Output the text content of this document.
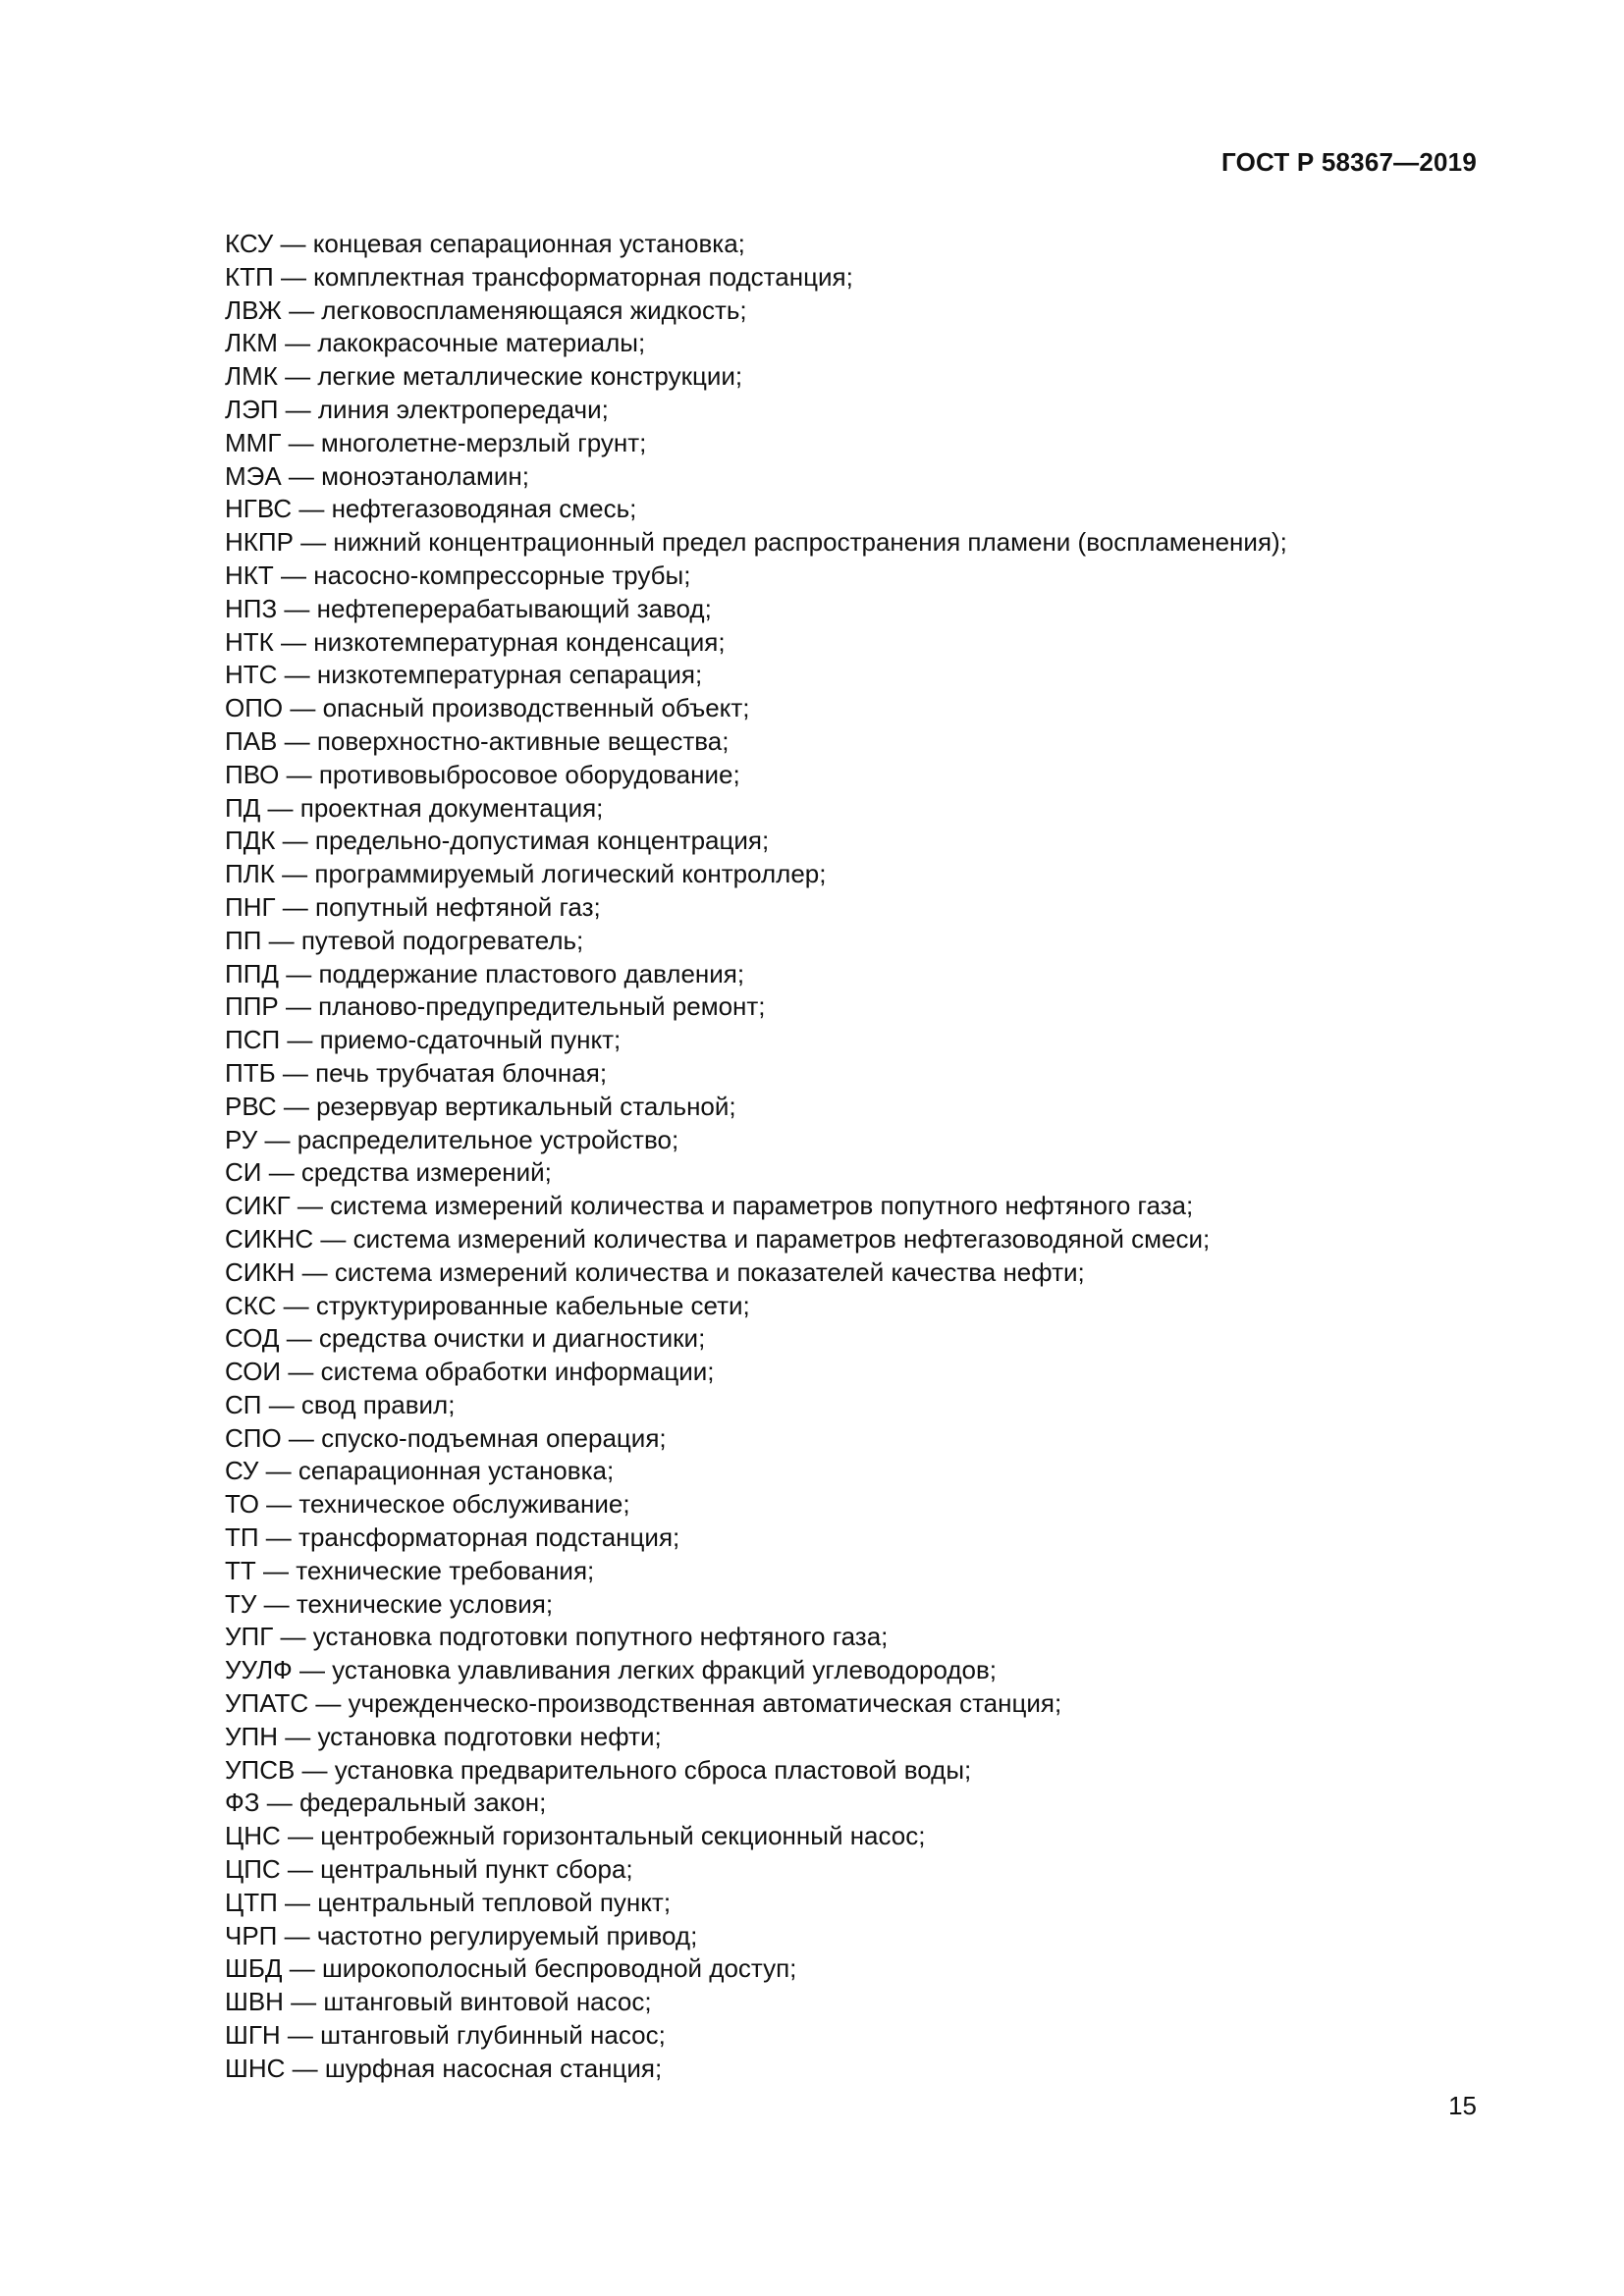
ГОСТ Р 58367—2019
КСУ — концевая сепарационная установка;
КТП — комплектная трансформаторная подстанция;
ЛВЖ — легковоспламеняющаяся жидкость;
ЛКМ — лакокрасочные материалы;
ЛМК — легкие металлические конструкции;
ЛЭП — линия электропередачи;
ММГ — многолетне-мерзлый грунт;
МЭА — моноэтаноламин;
НГВС — нефтегазоводяная смесь;
НКПР — нижний концентрационный предел распространения пламени (воспламенения);
НКТ — насосно-компрессорные трубы;
НПЗ — нефтеперерабатывающий завод;
НТК — низкотемпературная конденсация;
НТС — низкотемпературная сепарация;
ОПО — опасный производственный объект;
ПАВ — поверхностно-активные вещества;
ПВО — противовыбросовое оборудование;
ПД — проектная документация;
ПДК — предельно-допустимая концентрация;
ПЛК — программируемый логический контроллер;
ПНГ — попутный нефтяной газ;
ПП — путевой подогреватель;
ППД — поддержание пластового давления;
ППР — планово-предупредительный ремонт;
ПСП — приемо-сдаточный пункт;
ПТБ — печь трубчатая блочная;
РВС — резервуар вертикальный стальной;
РУ — распределительное устройство;
СИ — средства измерений;
СИКГ — система измерений количества и параметров попутного нефтяного газа;
СИКНС — система измерений количества и параметров нефтегазоводяной смеси;
СИКН — система измерений количества и показателей качества нефти;
СКС — структурированные кабельные сети;
СОД — средства очистки и диагностики;
СОИ — система обработки информации;
СП — свод правил;
СПО — спуско-подъемная операция;
СУ — сепарационная установка;
ТО — техническое обслуживание;
ТП — трансформаторная подстанция;
ТТ — технические требования;
ТУ — технические условия;
УПГ — установка подготовки попутного нефтяного газа;
УУЛФ — установка улавливания легких фракций углеводородов;
УПАТС — учрежденческо-производственная автоматическая станция;
УПН — установка подготовки нефти;
УПСВ — установка предварительного сброса пластовой воды;
ФЗ — федеральный закон;
ЦНС — центробежный горизонтальный секционный насос;
ЦПС — центральный пункт сбора;
ЦТП — центральный тепловой пункт;
ЧРП — частотно регулируемый привод;
ШБД — широкополосный беспроводной доступ;
ШВН — штанговый винтовой насос;
ШГН — штанговый глубинный насос;
ШНС — шурфная насосная станция;
15
